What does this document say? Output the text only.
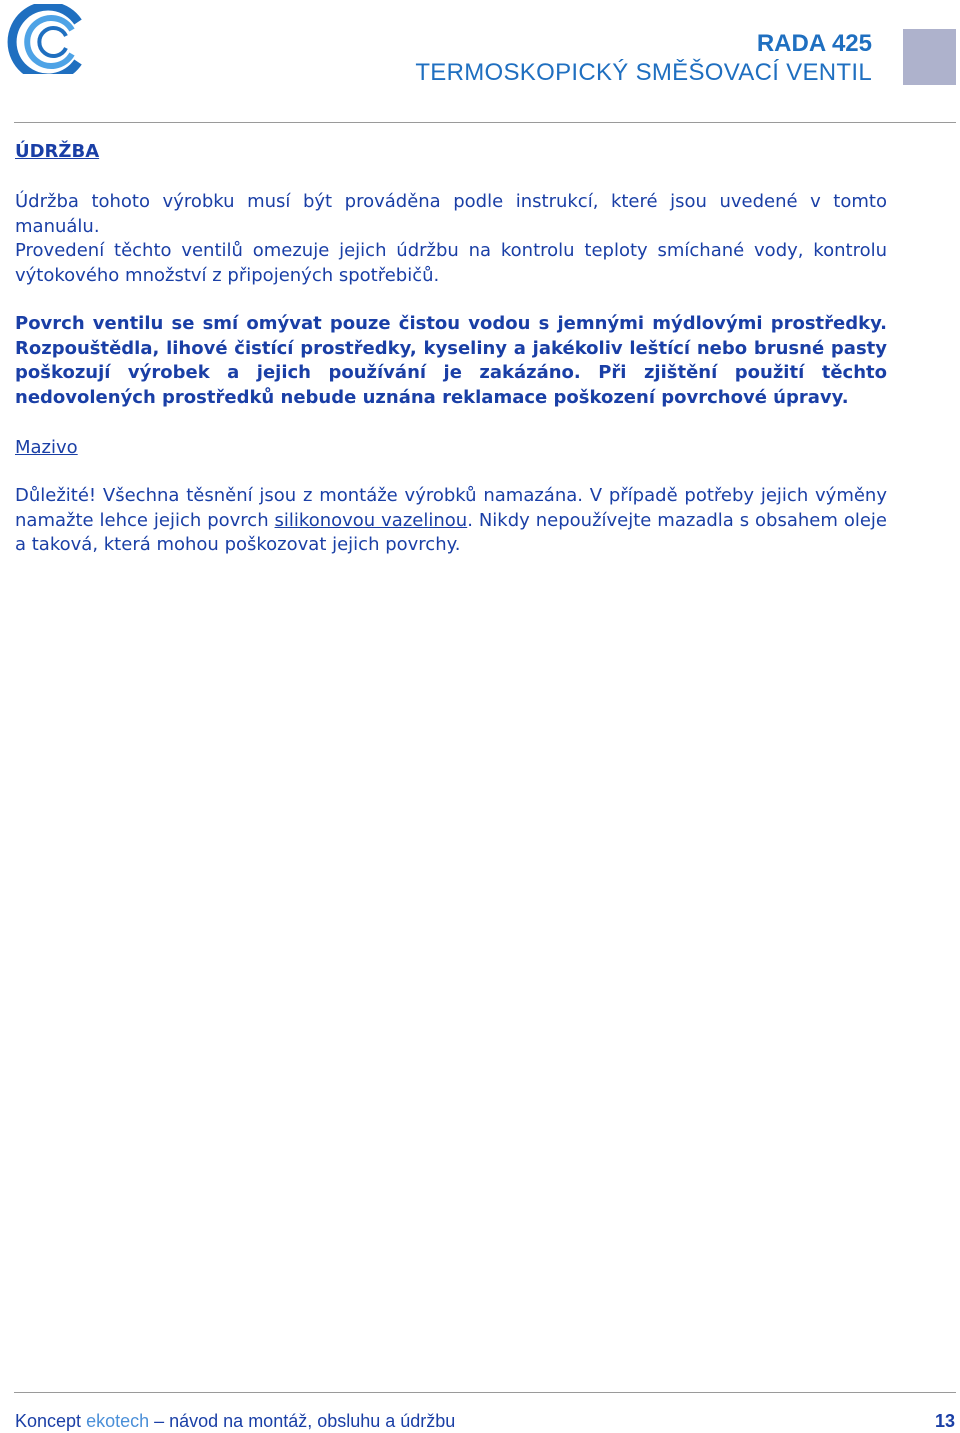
RADA 425
TERMOSKOPICKÝ SMĚŠOVACÍ VENTIL
ÚDRŽBA

Údržba tohoto výrobku musí být prováděna podle instrukcí, které jsou uvedené v tomto manuálu.

Provedení těchto ventilů omezuje jejich údržbu na kontrolu teploty smíchané vody, kontrolu výtokového množství z připojených spotřebičů.

Povrch ventilu se smí omývat pouze čistou vodou s jemnými mýdlovými prostředky. Rozpouštědla, lihové čistící prostředky, kyseliny a jakékoliv leštící nebo brusné pasty poškozují výrobek a jejich používání je zakázáno. Při zjištění použití těchto nedovolených prostředků nebude uznána reklamace poškození povrchové úpravy.

Mazivo

Důležité! Všechna těsnění jsou z montáže výrobků namazána. V případě potřeby jejich výměny namažte lehce jejich povrch silikonovou vazelinou. Nikdy nepoužívejte mazadla s obsahem oleje a taková, která mohou poškozovat jejich povrchy.

Koncept ekotech – návod na montáž, obsluhu a údržbu	13
